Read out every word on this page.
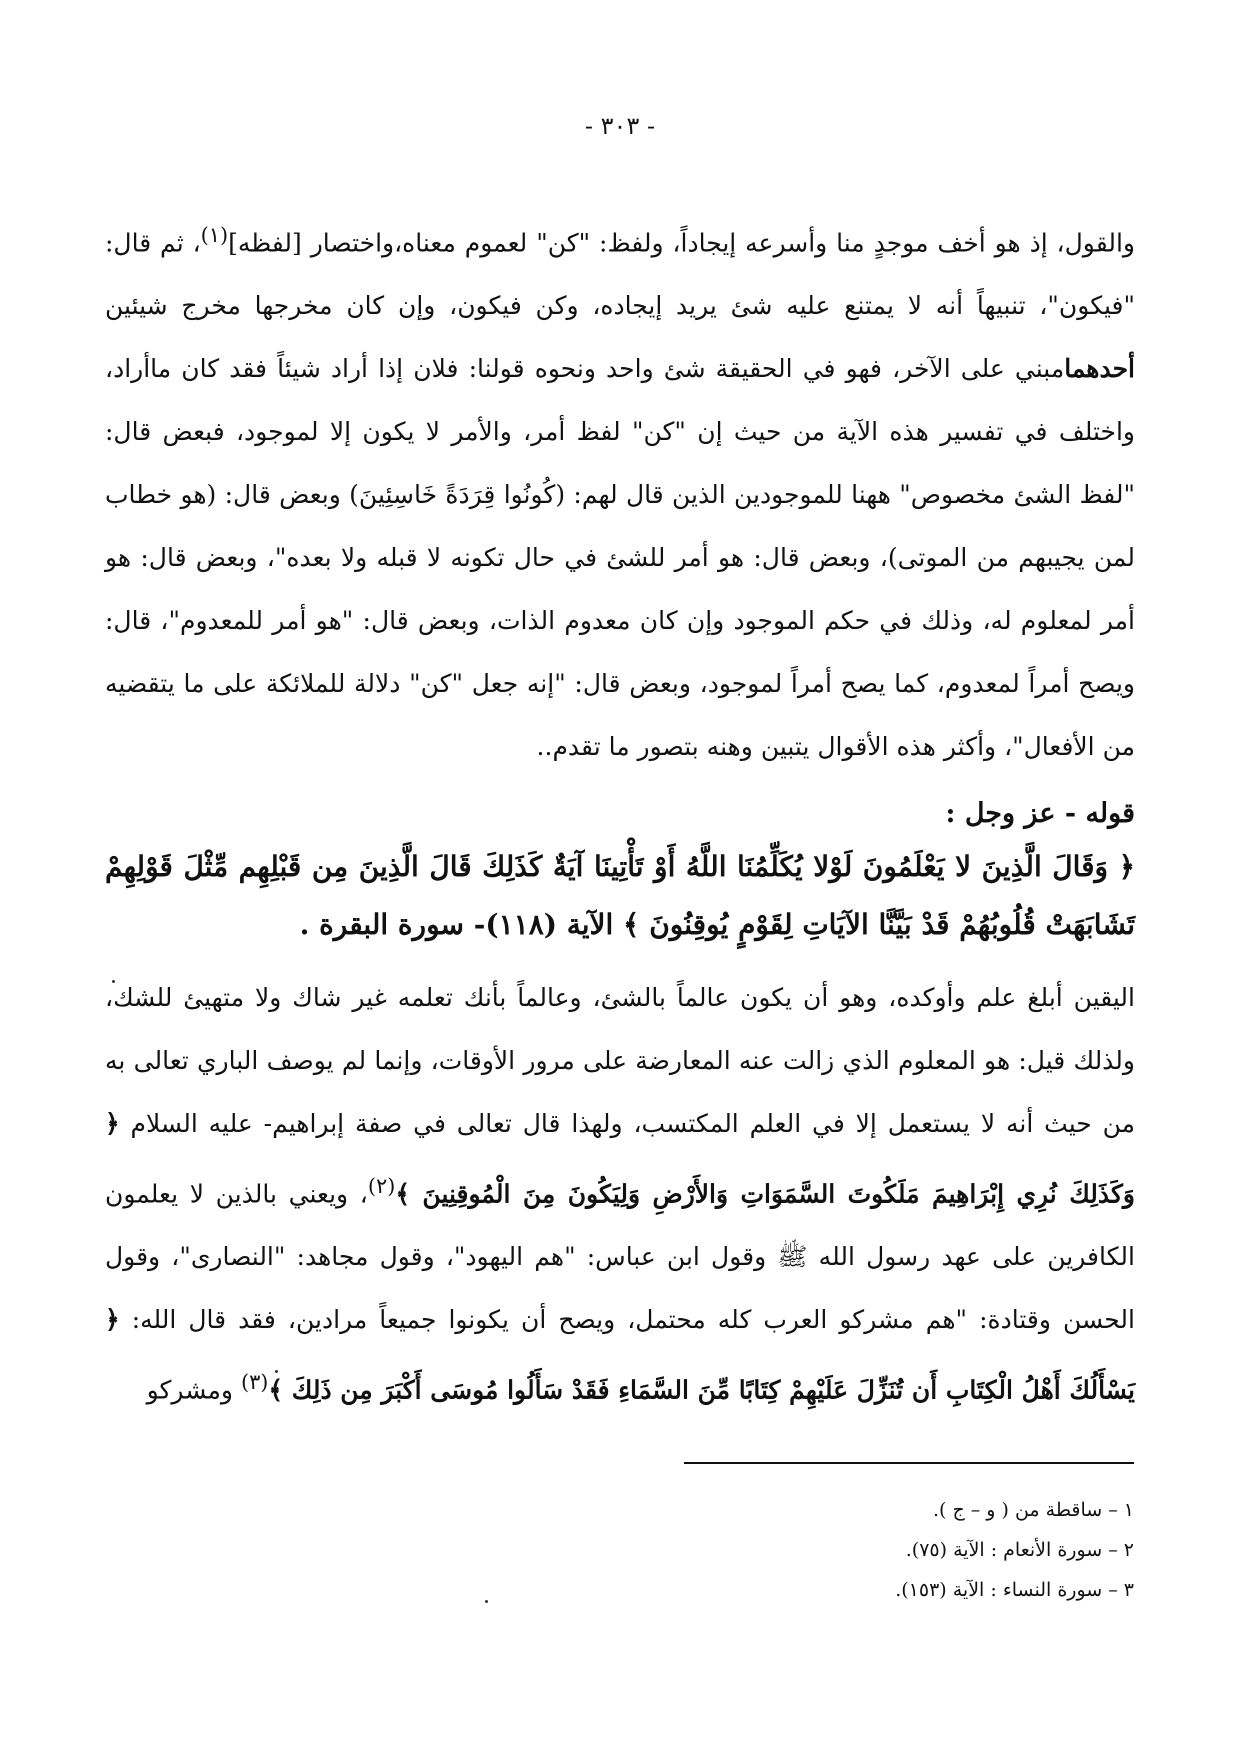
- ٣٠٣ -

والقول، إذ هو أخف موجدٍ منا وأسرعه إيجاداً، ولفظ: "كن" لعموم معناه،واختصار [لفظه]$^{(١)}$، ثم قال: "فيكون"، تنبيهاً أنه لا يمتنع عليه شئ يريد إيجاده، وكن فيكون، وإن كان مخرجها مخرج شيئين أحدهمامبني على الآخر، فهو في الحقيقة شئ واحد ونحوه قولنا: فلان إذا أراد شيئاً فقد كان ماأراد، واختلف في تفسير هذه الآية من حيث إن "كن" لفظ أمر، والأمر لا يكون إلا لموجود، فبعض قال: "لفظ الشئ مخصوص" ههنا للموجودين الذين قال لهم: (كُونُوا قِرَدَةً خَاسِئِينَ) وبعض قال: (هو خطاب لمن يجيبهم من الموتى)، وبعض قال: هو أمر للشئ في حال تكونه لا قبله ولا بعده"، وبعض قال: هو أمر لمعلوم له، وذلك في حكم الموجود وإن كان معدوم الذات، وبعض قال: "هو أمر للمعدوم"، قال: ويصح أمراً لمعدوم، كما يصح أمراً لموجود، وبعض قال: "إنه جعل "كن" دلالة للملائكة على ما يتقضيه من الأفعال"، وأكثر هذه الأقوال يتبين وهنه بتصور ما تقدم..

قوله - عز وجل :

﴿ وَقَالَ الَّذِينَ لا يَعْلَمُونَ لَوْلا يُكَلِّمُنَا اللَّهُ أَوْ تَأْتِينَا آيَةٌ كَذَلِكَ قَالَ الَّذِينَ مِن قَبْلِهِم مِّثْلَ قَوْلِهِمْ تَشَابَهَتْ قُلُوبُهُمْ قَدْ بَيَّنَّا الآيَاتِ لِقَوْمٍ يُوقِنُونَ ﴾ الآية (١١٨)- سورة البقرة .

اليقين أبلغ علم وأوكده، وهو أن يكون عالماً بالشئ، وعالماً بأنك تعلمه غير شاك ولا متهيئ للشك، ولذلك قيل: هو المعلوم الذي زالت عنه المعارضة على مرور الأوقات، وإنما لم يوصف الباري تعالى به من حيث أنه لا يستعمل إلا في العلم المكتسب، ولهذا قال تعالى في صفة إبراهيم- عليه السلام ﴿ وَكَذَلِكَ نُرِي إِبْرَاهِيمَ مَلَكُوتَ السَّمَوَاتِ وَالأَرْضِ وَلِيَكُونَ مِنَ الْمُوقِنِينَ ﴾$^{(٢)}$، ويعني بالذين لا يعلمون الكافرين على عهد رسول الله ﷺ وقول ابن عباس: "هم اليهود"، وقول مجاهد: "النصارى"، وقول الحسن وقتادة: "هم مشركو العرب كله محتمل، ويصح أن يكونوا جميعاً مرادين، فقد قال الله: ﴿ يَسْأَلُكَ أَهْلُ الْكِتَابِ أَن تُنَزِّلَ عَلَيْهِمْ كِتَابًا مِّنَ السَّمَاءِ فَقَدْ سَأَلُوا مُوسَى أَكْبَرَ مِن ذَلِكَ ﴾$^{(٣)}$ ومشركو

١ – ساقطة من ( و – ج ).
٢ – سورة الأنعام : الآية (٧٥).
٣ – سورة النساء : الآية (١٥٣).
